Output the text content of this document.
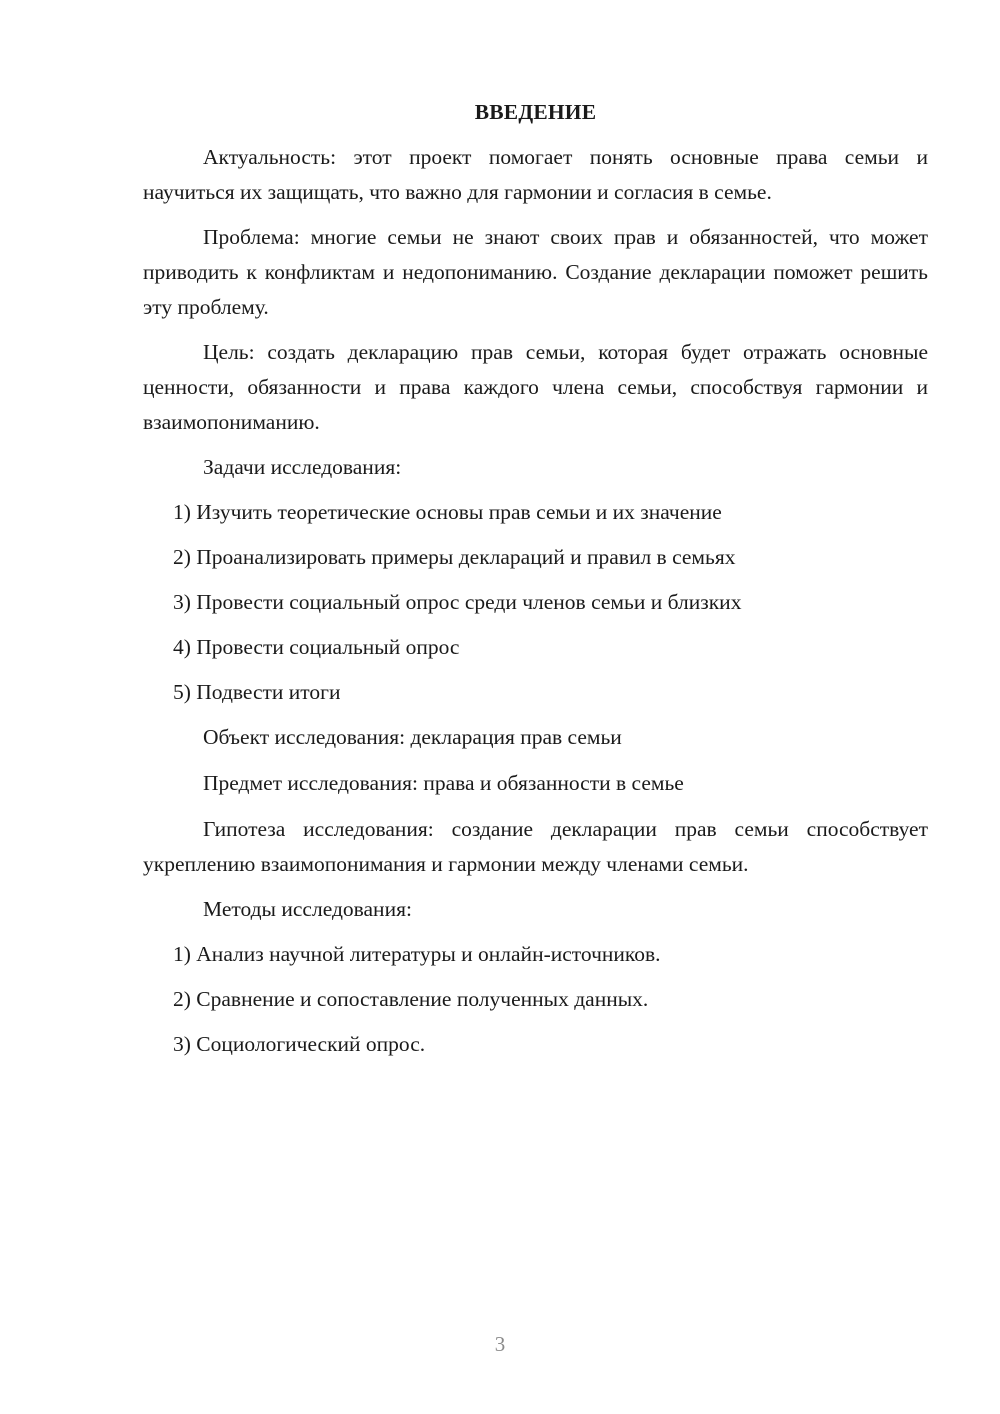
ВВЕДЕНИЕ

Актуальность: этот проект помогает понять основные права семьи и научиться их защищать, что важно для гармонии и согласия в семье.

Проблема: многие семьи не знают своих прав и обязанностей, что может приводить к конфликтам и недопониманию. Создание декларации поможет решить эту проблему.

Цель: создать декларацию прав семьи, которая будет отражать основные ценности, обязанности и права каждого члена семьи, способствуя гармонии и взаимопониманию.

Задачи исследования:

1) Изучить теоретические основы прав семьи и их значение

2) Проанализировать примеры деклараций и правил в семьях

3) Провести социальный опрос среди членов семьи и близких

4) Провести социальный опрос

5) Подвести итоги

Объект исследования: декларация прав семьи

Предмет исследования: права и обязанности в семье

Гипотеза исследования: создание декларации прав семьи способствует укреплению взаимопонимания и гармонии между членами семьи.

Методы исследования:

1) Анализ научной литературы и онлайн-источников.

2) Сравнение и сопоставление полученных данных.

3) Социологический опрос.

3
